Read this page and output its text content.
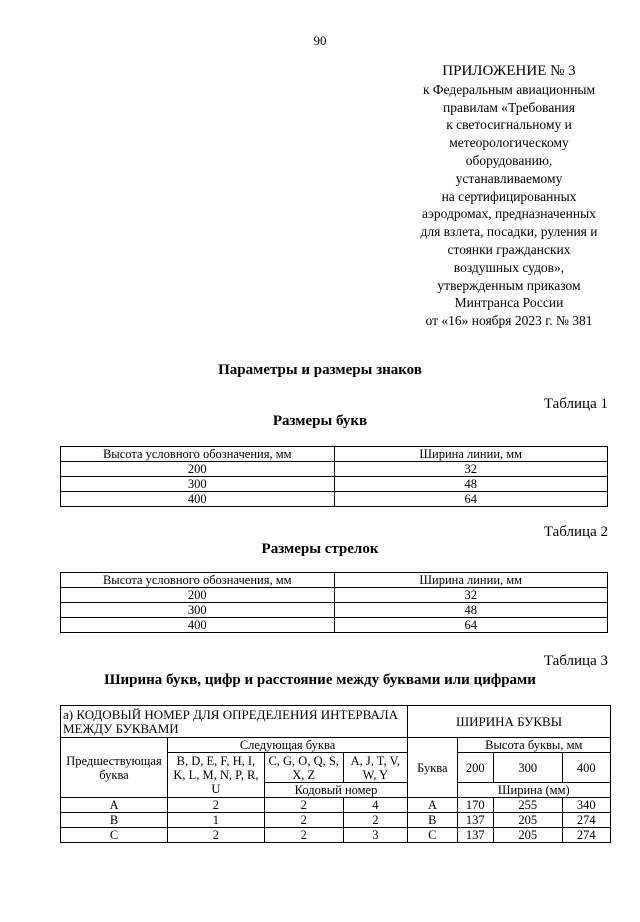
90
ПРИЛОЖЕНИЕ № 3
к Федеральным авиационным
правилам «Требования
к светосигнальному и
метеорологическому
оборудованию,
устанавливаемому
на сертифицированных
аэродромах, предназначенных
для взлета, посадки, руления и
стоянки гражданских
воздушных судов»,
утвержденным приказом
Минтранса России
от «16» ноября 2023 г. № 381
Параметры и размеры знаков
Таблица 1
Размеры букв
Высота условного обозначения, мм	Ширина линии, мм
200	32
300	48
400	64
Таблица 2
Размеры стрелок
Высота условного обозначения, мм	Ширина линии, мм
200	32
300	48
400	64
Таблица 3
Ширина букв, цифр и расстояние между буквами или цифрами
а) КОДОВЫЙ НОМЕР ДЛЯ ОПРЕДЕЛЕНИЯ ИНТЕРВАЛА МЕЖДУ БУКВАМИ				ШИРИНА БУКВЫ			
Предшествующая буква	Следующая буква			Буква	Высота буквы, мм		
	B, D, E, F, H, I, K, L, M, N, P, R, U	C, G, O, Q, S, X, Z	A, J, T, V, W, Y		200	300	400
		Кодовый номер			Ширина (мм)		
A	2	2	4	A	170	255	340
B	1	2	2	B	137	205	274
C	2	2	3	C	137	205	274
